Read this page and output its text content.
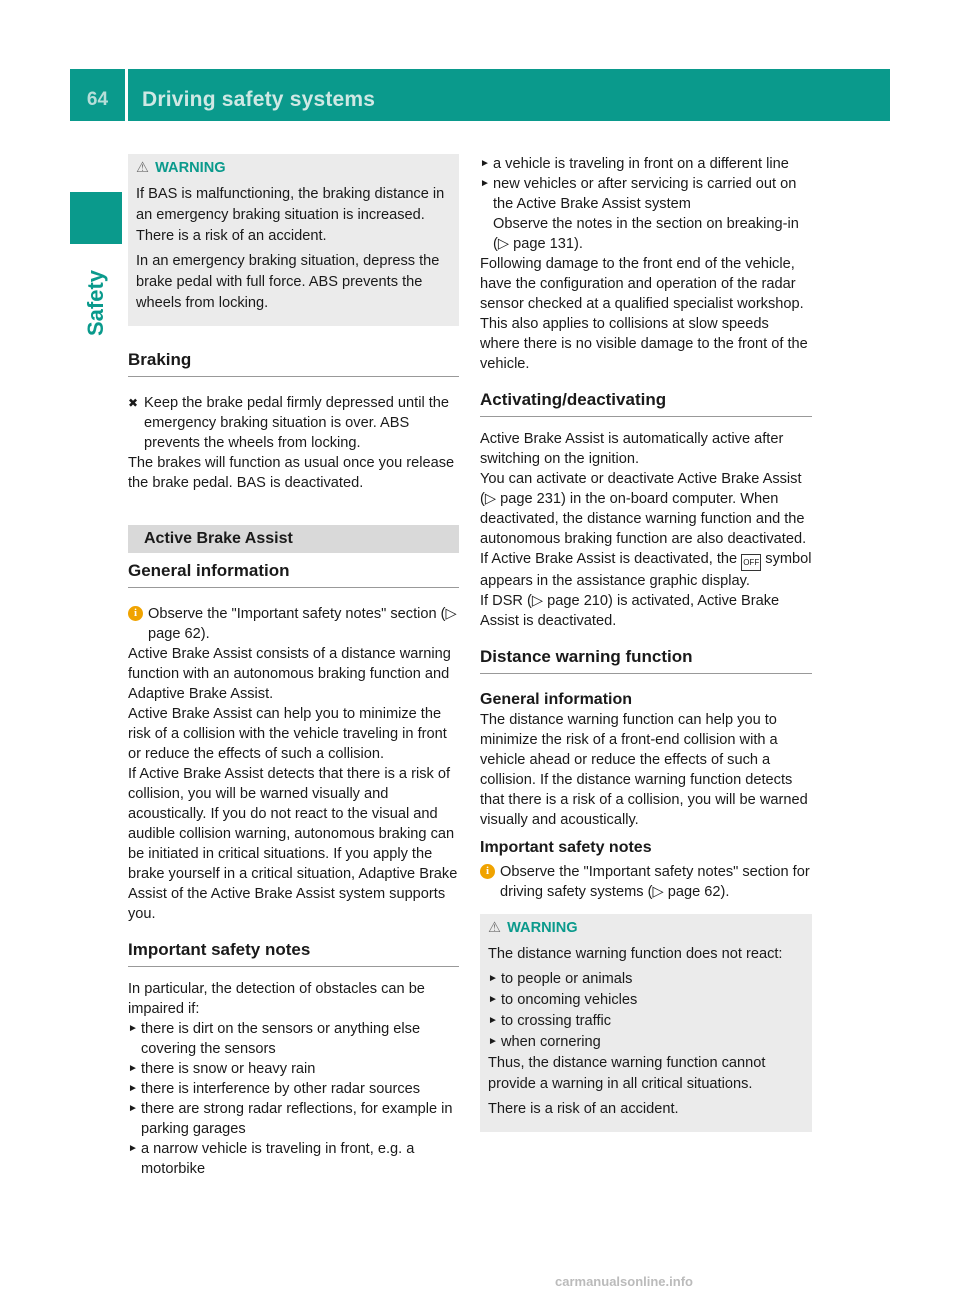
64	Driving safety systems
Safety

⚠ WARNING

If BAS is malfunctioning, the braking distance in an emergency braking situation is increased. There is a risk of an accident.

In an emergency braking situation, depress the brake pedal with full force. ABS prevents the wheels from locking.

Braking

✖ Keep the brake pedal firmly depressed until the emergency braking situation is over. ABS prevents the wheels from locking.

The brakes will function as usual once you release the brake pedal. BAS is deactivated.

Active Brake Assist

General information

i Observe the "Important safety notes" section (▷ page 62).

Active Brake Assist consists of a distance warning function with an autonomous braking function and Adaptive Brake Assist.

Active Brake Assist can help you to minimize the risk of a collision with the vehicle traveling in front or reduce the effects of such a collision.

If Active Brake Assist detects that there is a risk of collision, you will be warned visually and acoustically. If you do not react to the visual and audible collision warning, autonomous braking can be initiated in critical situations. If you apply the brake yourself in a critical situation, Adaptive Brake Assist of the Active Brake Assist system supports you.

Important safety notes

In particular, the detection of obstacles can be impaired if:

► there is dirt on the sensors or anything else covering the sensors

► there is snow or heavy rain

► there is interference by other radar sources

► there are strong radar reflections, for example in parking garages

► a narrow vehicle is traveling in front, e.g. a motorbike

► a vehicle is traveling in front on a different line

► new vehicles or after servicing is carried out on the Active Brake Assist system

Observe the notes in the section on breaking-in (▷ page 131).

Following damage to the front end of the vehicle, have the configuration and operation of the radar sensor checked at a qualified specialist workshop. This also applies to collisions at slow speeds where there is no visible damage to the front of the vehicle.

Activating/deactivating

Active Brake Assist is automatically active after switching on the ignition.

You can activate or deactivate Active Brake Assist (▷ page 231) in the on-board computer. When deactivated, the distance warning function and the autonomous braking function are also deactivated.

If Active Brake Assist is deactivated, the OFF symbol appears in the assistance graphic display.

If DSR (▷ page 210) is activated, Active Brake Assist is deactivated.

Distance warning function

General information

The distance warning function can help you to minimize the risk of a front-end collision with a vehicle ahead or reduce the effects of such a collision. If the distance warning function detects that there is a risk of a collision, you will be warned visually and acoustically.

Important safety notes

i Observe the "Important safety notes" section for driving safety systems (▷ page 62).

⚠ WARNING

The distance warning function does not react:

► to people or animals

► to oncoming vehicles

► to crossing traffic

► when cornering

Thus, the distance warning function cannot provide a warning in all critical situations.

There is a risk of an accident.

carmanualsonline.info
